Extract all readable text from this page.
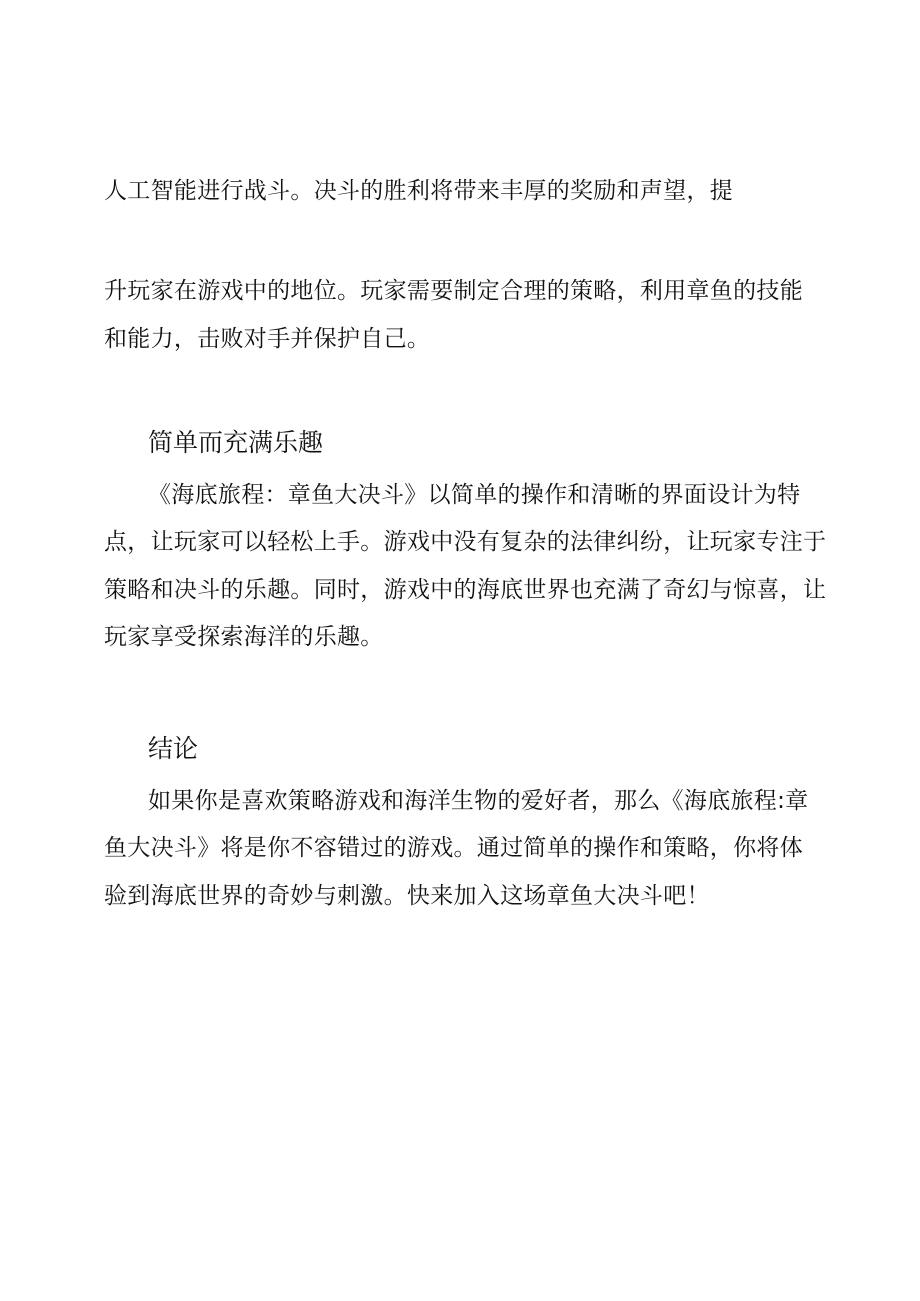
人工智能进行战斗。决斗的胜利将带来丰厚的奖励和声望，提
升玩家在游戏中的地位。玩家需要制定合理的策略，利用章鱼的技能
和能力，击败对手并保护自己。
简单而充满乐趣
《海底旅程：章鱼大决斗》以简单的操作和清晰的界面设计为特
点，让玩家可以轻松上手。游戏中没有复杂的法律纠纷，让玩家专注于
策略和决斗的乐趣。同时，游戏中的海底世界也充满了奇幻与惊喜，让
玩家享受探索海洋的乐趣。
结论
如果你是喜欢策略游戏和海洋生物的爱好者，那么《海底旅程:章
鱼大决斗》将是你不容错过的游戏。通过简单的操作和策略，你将体
验到海底世界的奇妙与刺激。快来加入这场章鱼大决斗吧！
